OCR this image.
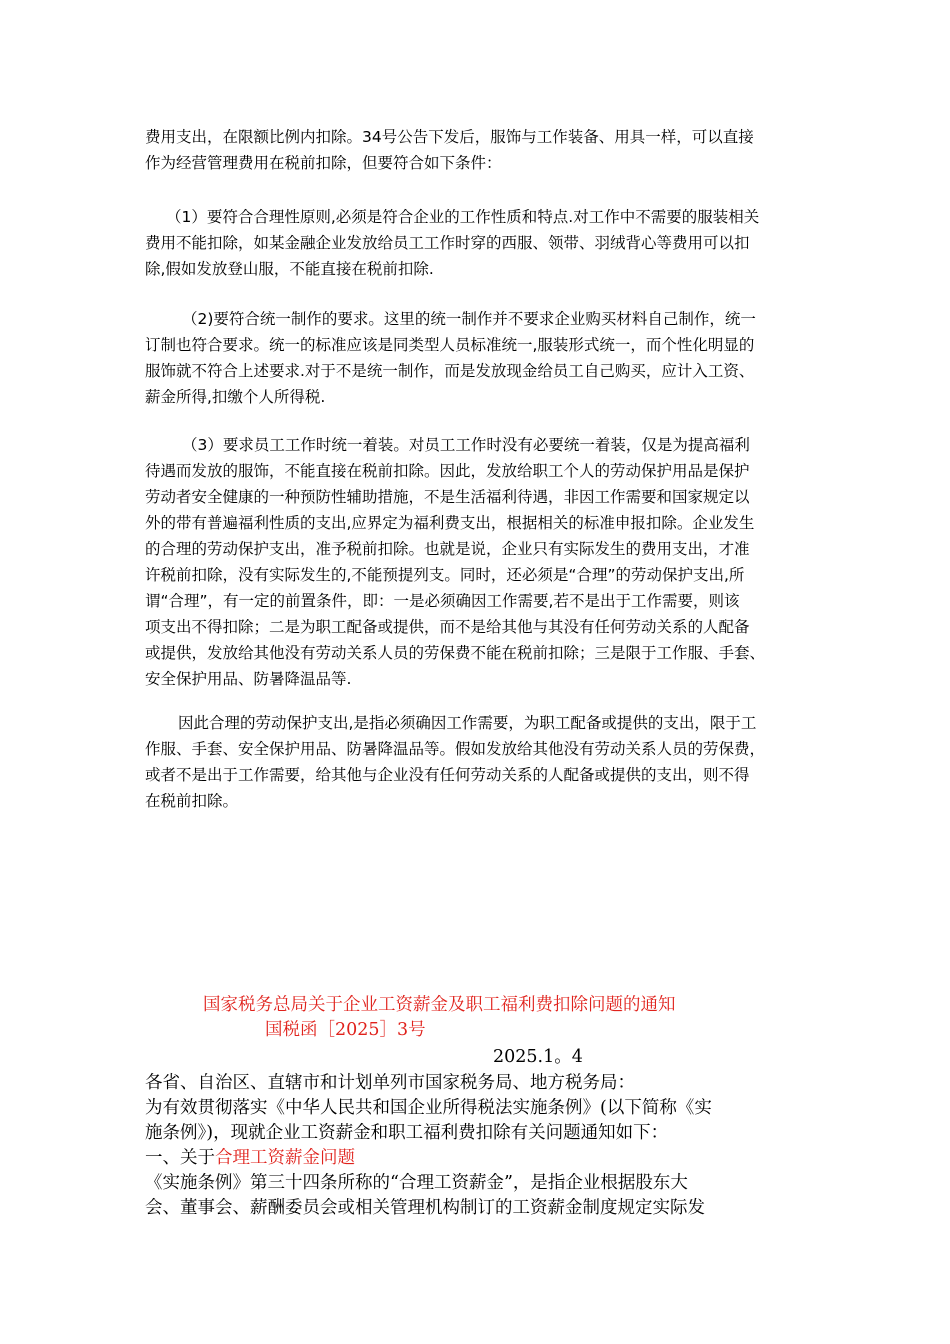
费用支出，在限额比例内扣除。34号公告下发后，服饰与工作装备、用具一样，可以直接
作为经营管理费用在税前扣除，但要符合如下条件：
（1）要符合合理性原则,必须是符合企业的工作性质和特点.对工作中不需要的服装相关
费用不能扣除，如某金融企业发放给员工工作时穿的西服、领带、羽绒背心等费用可以扣
除,假如发放登山服，不能直接在税前扣除.
（2)要符合统一制作的要求。这里的统一制作并不要求企业购买材料自己制作，统一
订制也符合要求。统一的标准应该是同类型人员标准统一,服装形式统一，而个性化明显的
服饰就不符合上述要求.对于不是统一制作，而是发放现金给员工自己购买，应计入工资、
薪金所得,扣缴个人所得税.
（3）要求员工工作时统一着装。对员工工作时没有必要统一着装，仅是为提高福利
待遇而发放的服饰，不能直接在税前扣除。因此，发放给职工个人的劳动保护用品是保护
劳动者安全健康的一种预防性辅助措施，不是生活福利待遇，非因工作需要和国家规定以
外的带有普遍福利性质的支出,应界定为福利费支出，根据相关的标准申报扣除。企业发生
的合理的劳动保护支出，准予税前扣除。也就是说，企业只有实际发生的费用支出，才准
许税前扣除，没有实际发生的,不能预提列支。同时，还必须是“合理”的劳动保护支出,所
谓“合理”，有一定的前置条件，即：一是必须确因工作需要,若不是出于工作需要，则该
项支出不得扣除；二是为职工配备或提供，而不是给其他与其没有任何劳动关系的人配备
或提供，发放给其他没有劳动关系人员的劳保费不能在税前扣除；三是限于工作服、手套、
安全保护用品、防暑降温品等.
因此合理的劳动保护支出,是指必须确因工作需要，为职工配备或提供的支出，限于工
作服、手套、安全保护用品、防暑降温品等。假如发放给其他没有劳动关系人员的劳保费，
或者不是出于工作需要，给其他与企业没有任何劳动关系的人配备或提供的支出，则不得
在税前扣除。
国家税务总局关于企业工资薪金及职工福利费扣除问题的通知
国税函［2025］3号
2025.1。4
各省、自治区、直辖市和计划单列市国家税务局、地方税务局：
为有效贯彻落实《中华人民共和国企业所得税法实施条例》(以下简称《实
施条例》)，现就企业工资薪金和职工福利费扣除有关问题通知如下：
一、关于合理工资薪金问题
《实施条例》第三十四条所称的“合理工资薪金”，是指企业根据股东大
会、董事会、薪酬委员会或相关管理机构制订的工资薪金制度规定实际发
